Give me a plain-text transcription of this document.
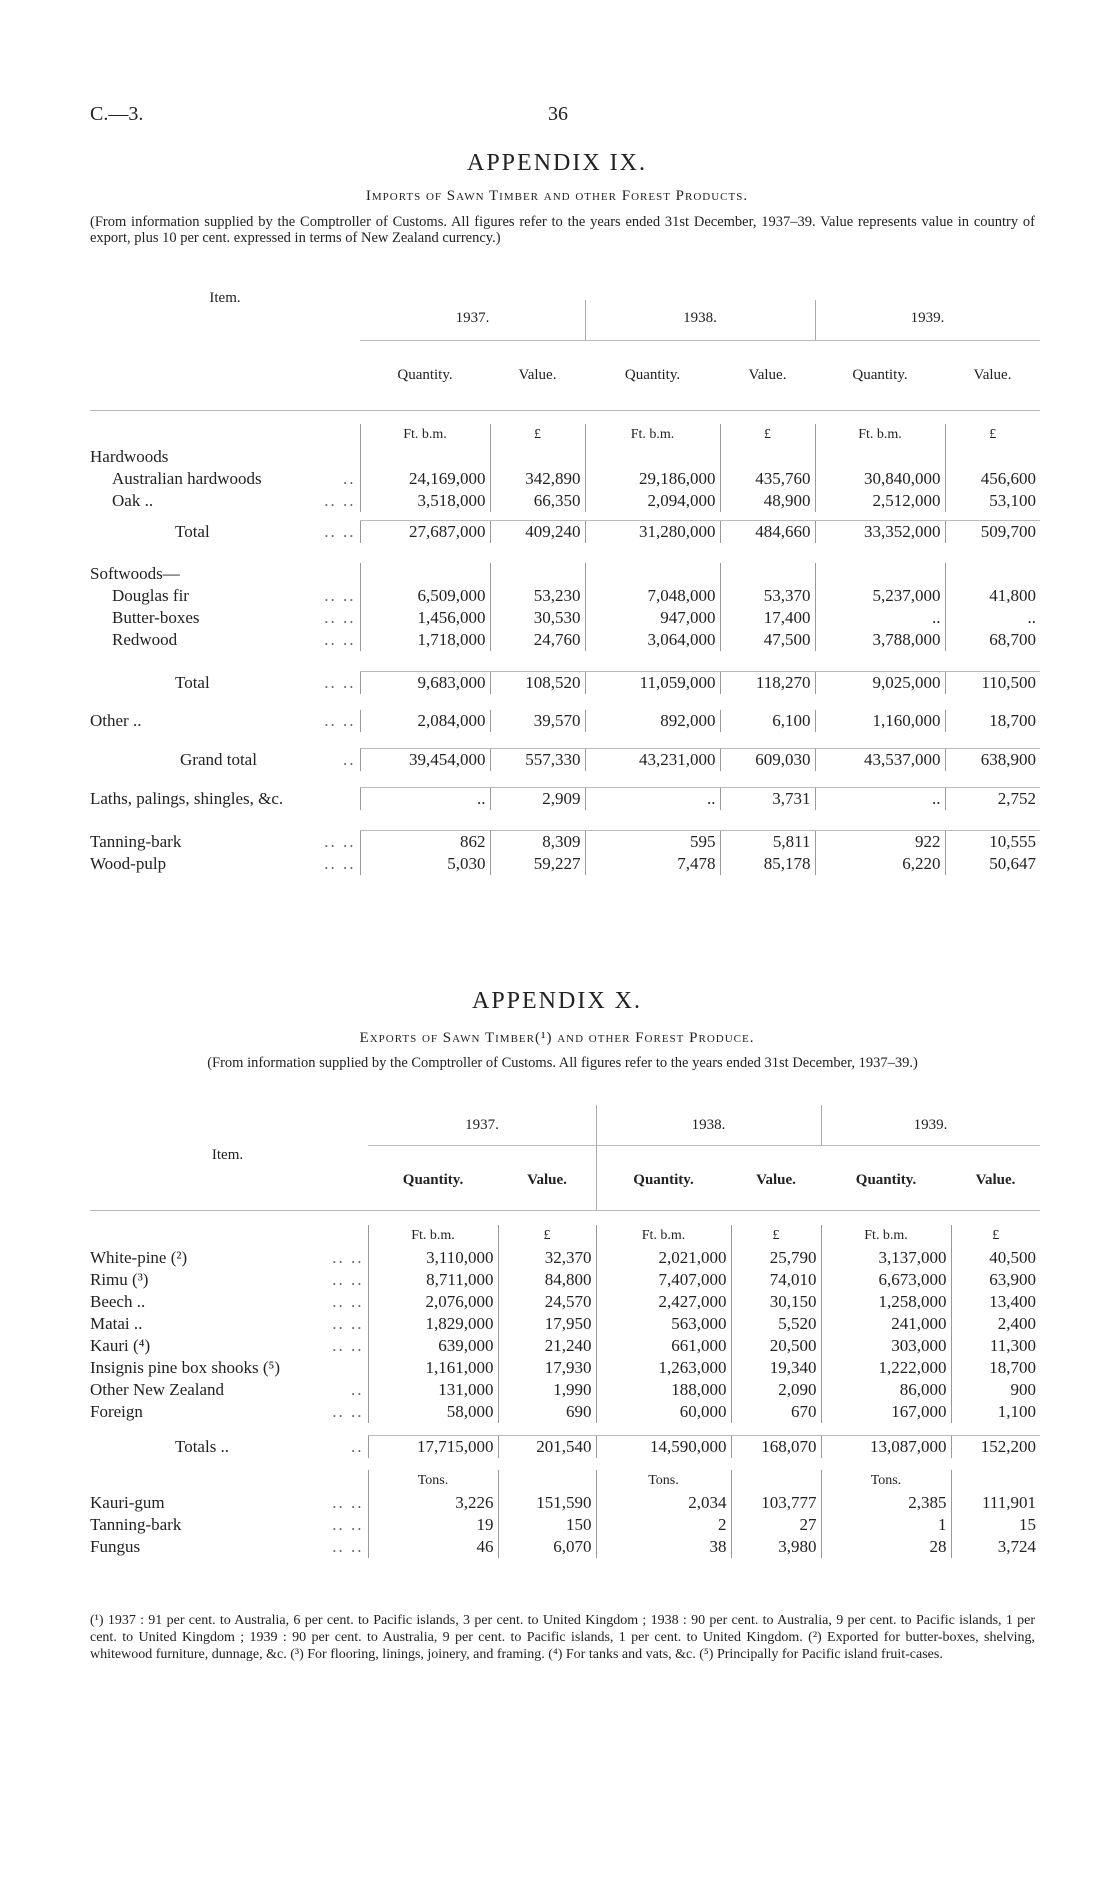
C.—3.	36
APPENDIX IX.
Imports of Sawn Timber and other Forest Products.
(From information supplied by the Comptroller of Customs. All figures refer to the years ended 31st December, 1937–39. Value represents value in country of export, plus 10 per cent. expressed in terms of New Zealand currency.)
Item.
1937.	1938.	1939.
Quantity.	Value.	Quantity.	Value.	Quantity.	Value.
	Ft. b.m.	£	Ft. b.m.	£	Ft. b.m.	£
Hardwoods

Australian hardwoods ..	24,169,000	342,890	29,186,000	435,760	30,840,000	456,600
Oak .. .. ..	3,518,000	66,350	2,094,000	48,900	2,512,000	53,100

Total .. ..	27,687,000	409,240	31,280,000	484,660	33,352,000	509,700

Softwoods—

Douglas fir .. ..	6,509,000	53,230	7,048,000	53,370	5,237,000	41,800
Butter-boxes .. ..	1,456,000	30,530	947,000	17,400	..	..
Redwood .. ..	1,718,000	24,760	3,064,000	47,500	3,788,000	68,700

Total .. ..	9,683,000	108,520	11,059,000	118,270	9,025,000	110,500

Other .. .. ..	2,084,000	39,570	892,000	6,100	1,160,000	18,700

Grand total ..	39,454,000	557,330	43,231,000	609,030	43,537,000	638,900

Laths, palings, shingles, &c.	..	2,909	..	3,731	..	2,752

Tanning-bark .. ..	862	8,309	595	5,811	922	10,555
Wood-pulp .. ..	5,030	59,227	7,478	85,178	6,220	50,647
APPENDIX X.
Exports of Sawn Timber(¹) and other Forest Produce.
(From information supplied by the Comptroller of Customs. All figures refer to the years ended 31st December, 1937–39.)
Item.
1937.	1938.	1939.
Quantity.	Value.	Quantity.	Value.	Quantity.	Value.
	Ft. b.m.	£	Ft. b.m.	£	Ft. b.m.	£
White-pine (²) .. ..	3,110,000	32,370	2,021,000	25,790	3,137,000	40,500
Rimu (³) .. ..	8,711,000	84,800	7,407,000	74,010	6,673,000	63,900
Beech .. .. ..	2,076,000	24,570	2,427,000	30,150	1,258,000	13,400
Matai .. .. ..	1,829,000	17,950	563,000	5,520	241,000	2,400
Kauri (⁴) .. ..	639,000	21,240	661,000	20,500	303,000	11,300
Insignis pine box shooks (⁵)	1,161,000	17,930	1,263,000	19,340	1,222,000	18,700
Other New Zealand ..	131,000	1,990	188,000	2,090	86,000	900
Foreign .. ..	58,000	690	60,000	670	167,000	1,100

Totals .. ..	17,715,000	201,540	14,590,000	168,070	13,087,000	152,200

	Tons.		Tons.		Tons.	
Kauri-gum .. ..	3,226	151,590	2,034	103,777	2,385	111,901
Tanning-bark .. ..	19	150	2	27	1	15
Fungus .. ..	46	6,070	38	3,980	28	3,724
(¹) 1937 : 91 per cent. to Australia, 6 per cent. to Pacific islands, 3 per cent. to United Kingdom ; 1938 : 90 per cent. to Australia, 9 per cent. to Pacific islands, 1 per cent. to United Kingdom ; 1939 : 90 per cent. to Australia, 9 per cent. to Pacific islands, 1 per cent. to United Kingdom. (²) Exported for butter-boxes, shelving, whitewood furniture, dunnage, &c. (³) For flooring, linings, joinery, and framing. (⁴) For tanks and vats, &c. (⁵) Principally for Pacific island fruit-cases.
